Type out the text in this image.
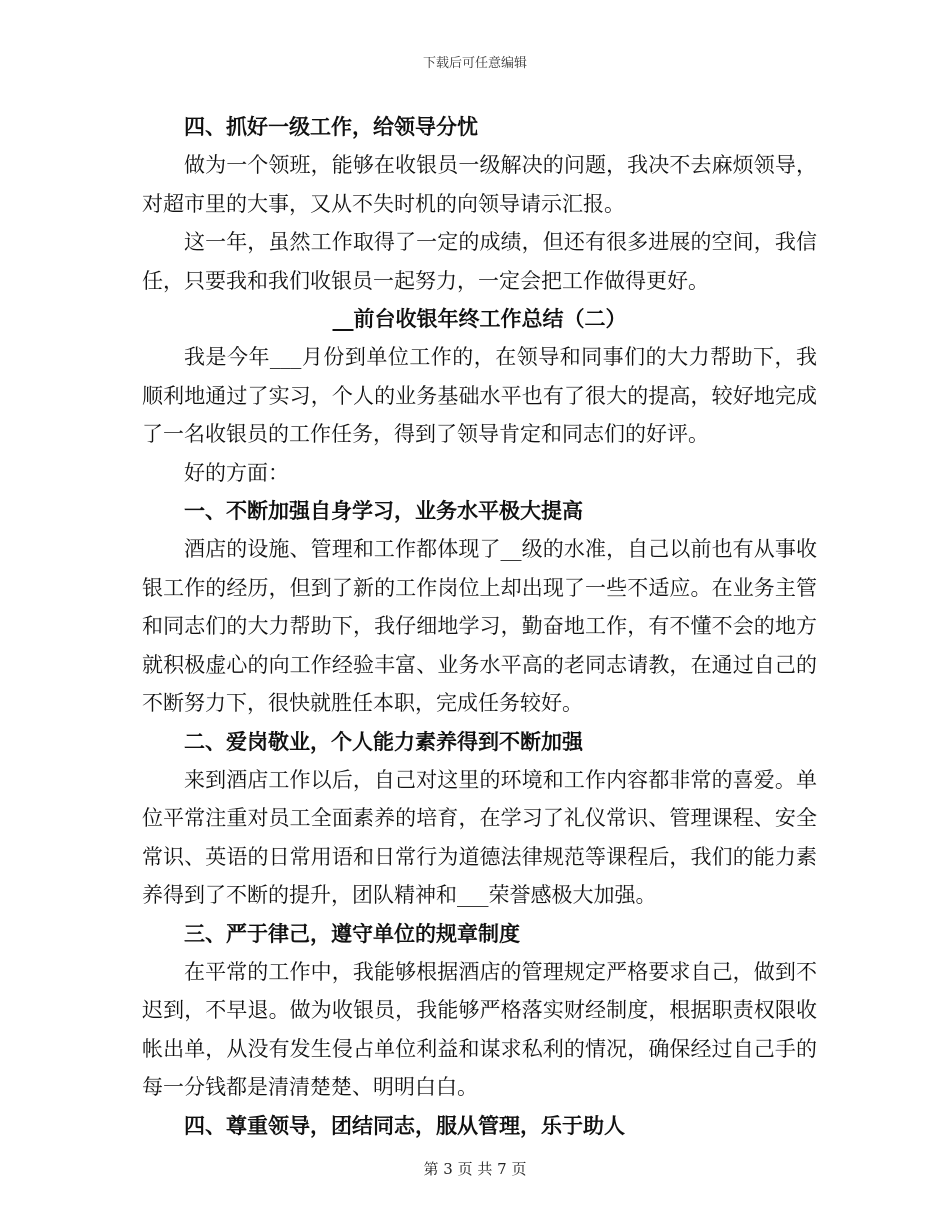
下载后可任意编辑

四、抓好一级工作，给领导分忧

做为一个领班，能够在收银员一级解决的问题，我决不去麻烦领导，对超市里的大事，又从不失时机的向领导请示汇报。

这一年，虽然工作取得了一定的成绩，但还有很多进展的空间，我信任，只要我和我们收银员一起努力，一定会把工作做得更好。

__前台收银年终工作总结（二）

我是今年___月份到单位工作的，在领导和同事们的大力帮助下，我顺利地通过了实习，个人的业务基础水平也有了很大的提高，较好地完成了一名收银员的工作任务，得到了领导肯定和同志们的好评。

好的方面：

一、不断加强自身学习，业务水平极大提高

酒店的设施、管理和工作都体现了__级的水准，自己以前也有从事收银工作的经历，但到了新的工作岗位上却出现了一些不适应。在业务主管和同志们的大力帮助下，我仔细地学习，勤奋地工作，有不懂不会的地方就积极虚心的向工作经验丰富、业务水平高的老同志请教，在通过自己的不断努力下，很快就胜任本职，完成任务较好。

二、爱岗敬业，个人能力素养得到不断加强

来到酒店工作以后，自己对这里的环境和工作内容都非常的喜爱。单位平常注重对员工全面素养的培育，在学习了礼仪常识、管理课程、安全常识、英语的日常用语和日常行为道德法律规范等课程后，我们的能力素养得到了不断的提升，团队精神和___荣誉感极大加强。

三、严于律己，遵守单位的规章制度

在平常的工作中，我能够根据酒店的管理规定严格要求自己，做到不迟到，不早退。做为收银员，我能够严格落实财经制度，根据职责权限收帐出单，从没有发生侵占单位利益和谋求私利的情况，确保经过自己手的每一分钱都是清清楚楚、明明白白。

四、尊重领导，团结同志，服从管理，乐于助人

第 3 页 共 7 页
